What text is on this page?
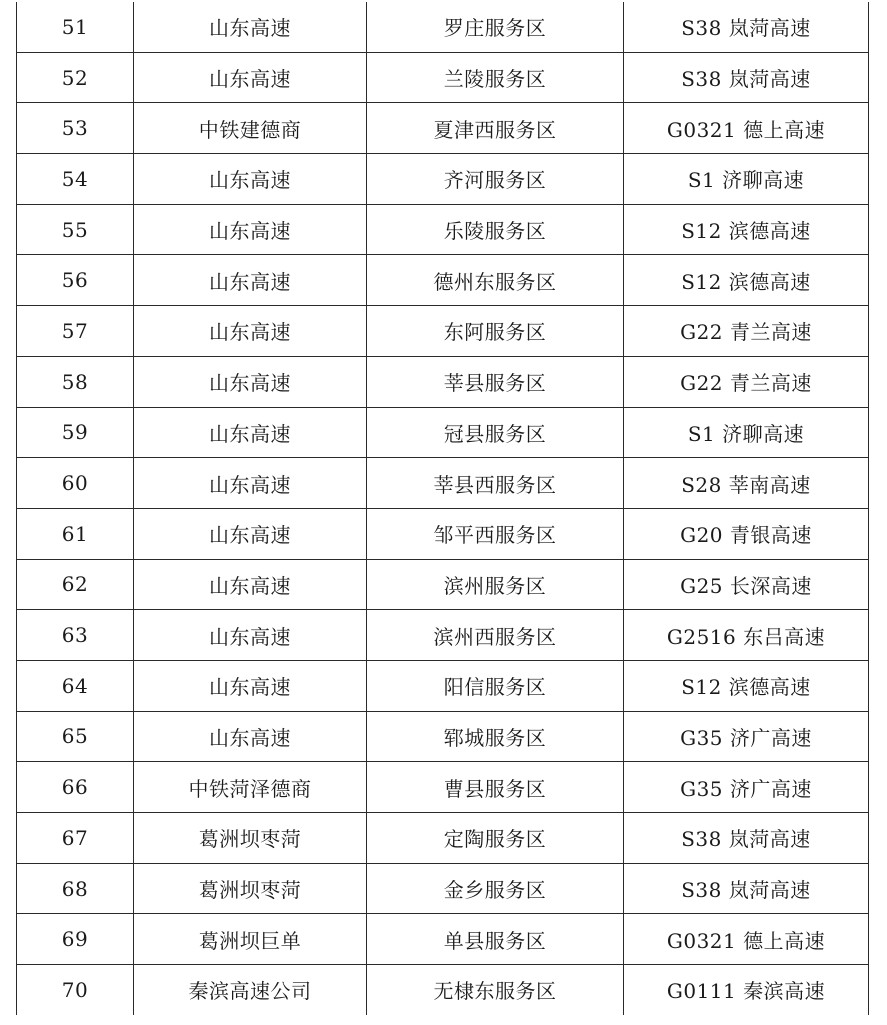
51	山东高速	罗庄服务区	S38 岚菏高速
52	山东高速	兰陵服务区	S38 岚菏高速
53	中铁建德商	夏津西服务区	G0321 德上高速
54	山东高速	齐河服务区	S1 济聊高速
55	山东高速	乐陵服务区	S12 滨德高速
56	山东高速	德州东服务区	S12 滨德高速
57	山东高速	东阿服务区	G22 青兰高速
58	山东高速	莘县服务区	G22 青兰高速
59	山东高速	冠县服务区	S1 济聊高速
60	山东高速	莘县西服务区	S28 莘南高速
61	山东高速	邹平西服务区	G20 青银高速
62	山东高速	滨州服务区	G25 长深高速
63	山东高速	滨州西服务区	G2516 东吕高速
64	山东高速	阳信服务区	S12 滨德高速
65	山东高速	郓城服务区	G35 济广高速
66	中铁菏泽德商	曹县服务区	G35 济广高速
67	葛洲坝枣菏	定陶服务区	S38 岚菏高速
68	葛洲坝枣菏	金乡服务区	S38 岚菏高速
69	葛洲坝巨单	单县服务区	G0321 德上高速
70	秦滨高速公司	无棣东服务区	G0111 秦滨高速
